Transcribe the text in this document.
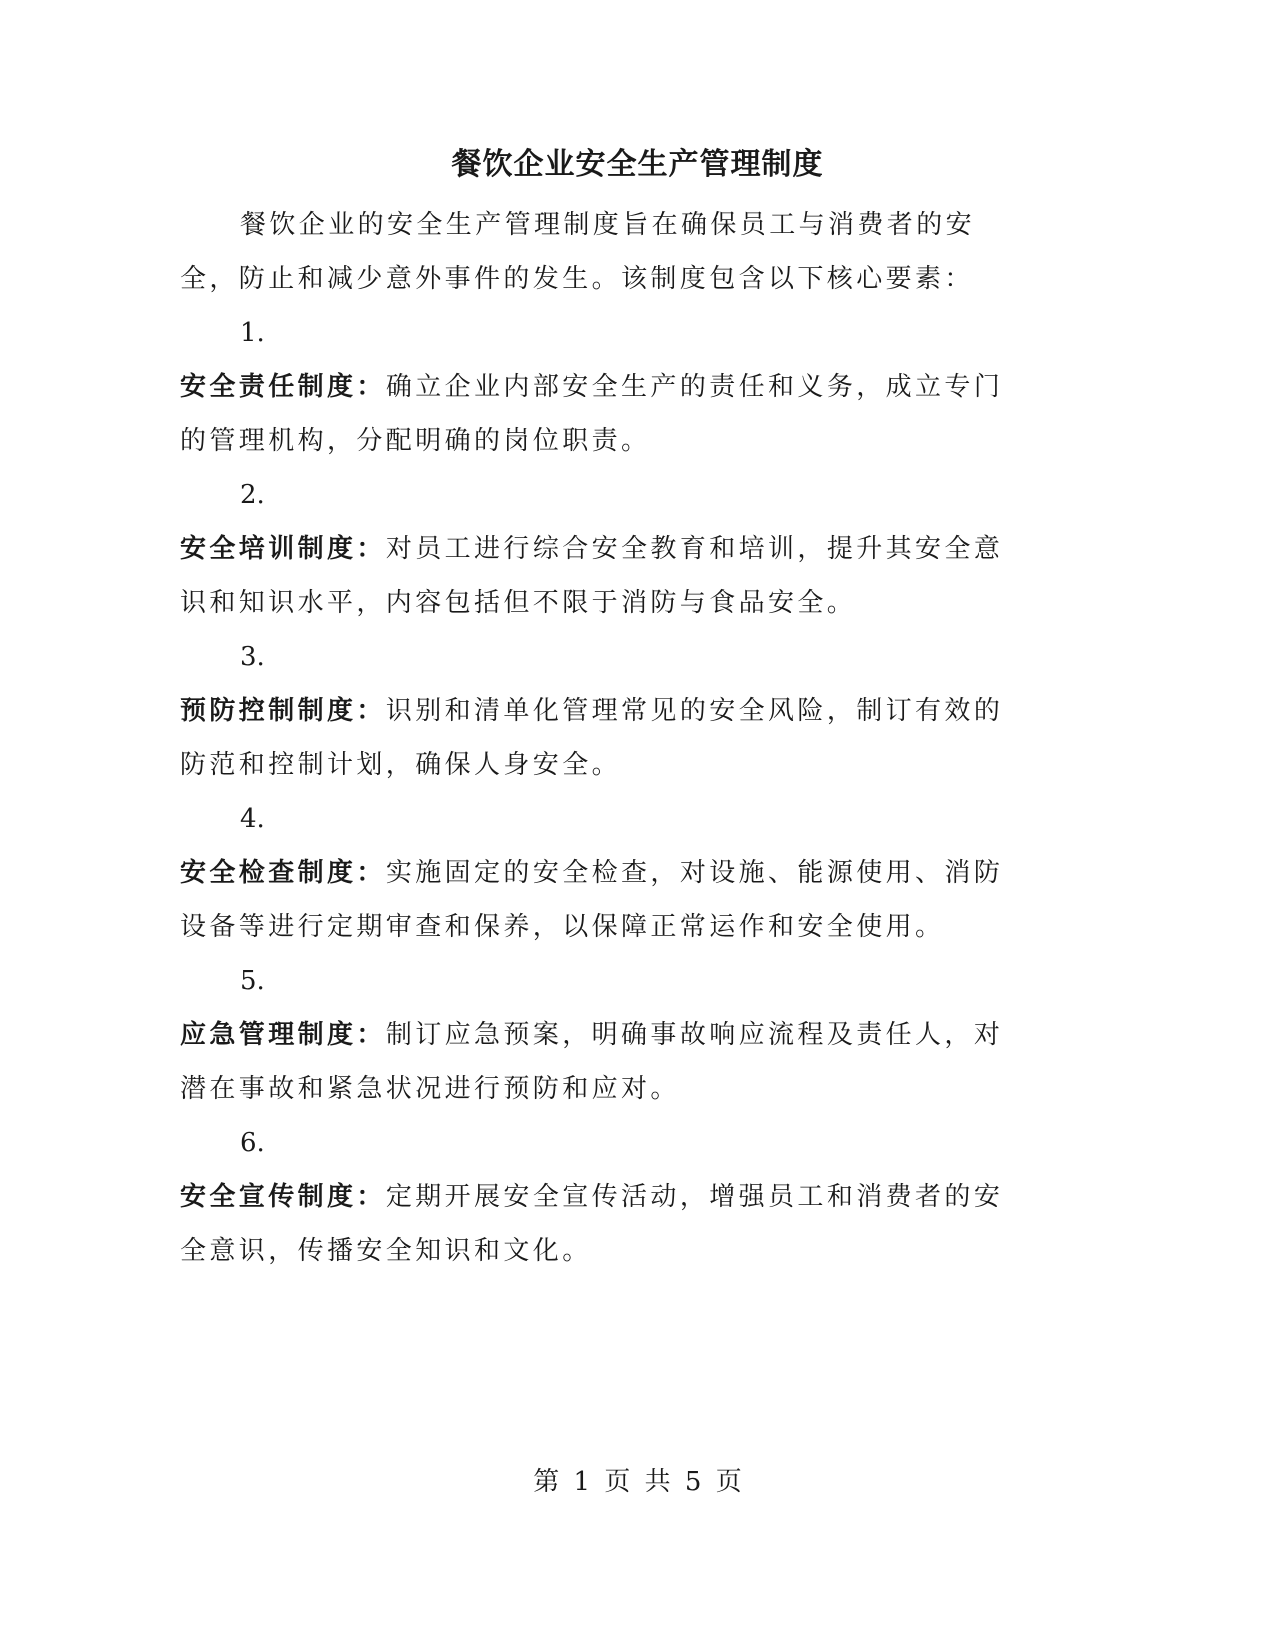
餐饮企业安全生产管理制度
餐饮企业的安全生产管理制度旨在确保员工与消费者的安全，防止和减少意外事件的发生。该制度包含以下核心要素：
1.
安全责任制度：确立企业内部安全生产的责任和义务，成立专门的管理机构，分配明确的岗位职责。
2.
安全培训制度：对员工进行综合安全教育和培训，提升其安全意识和知识水平，内容包括但不限于消防与食品安全。
3.
预防控制制度：识别和清单化管理常见的安全风险，制订有效的防范和控制计划，确保人身安全。
4.
安全检查制度：实施固定的安全检查，对设施、能源使用、消防设备等进行定期审查和保养，以保障正常运作和安全使用。
5.
应急管理制度：制订应急预案，明确事故响应流程及责任人，对潜在事故和紧急状况进行预防和应对。
6.
安全宣传制度：定期开展安全宣传活动，增强员工和消费者的安全意识，传播安全知识和文化。
第 1 页 共 5 页
